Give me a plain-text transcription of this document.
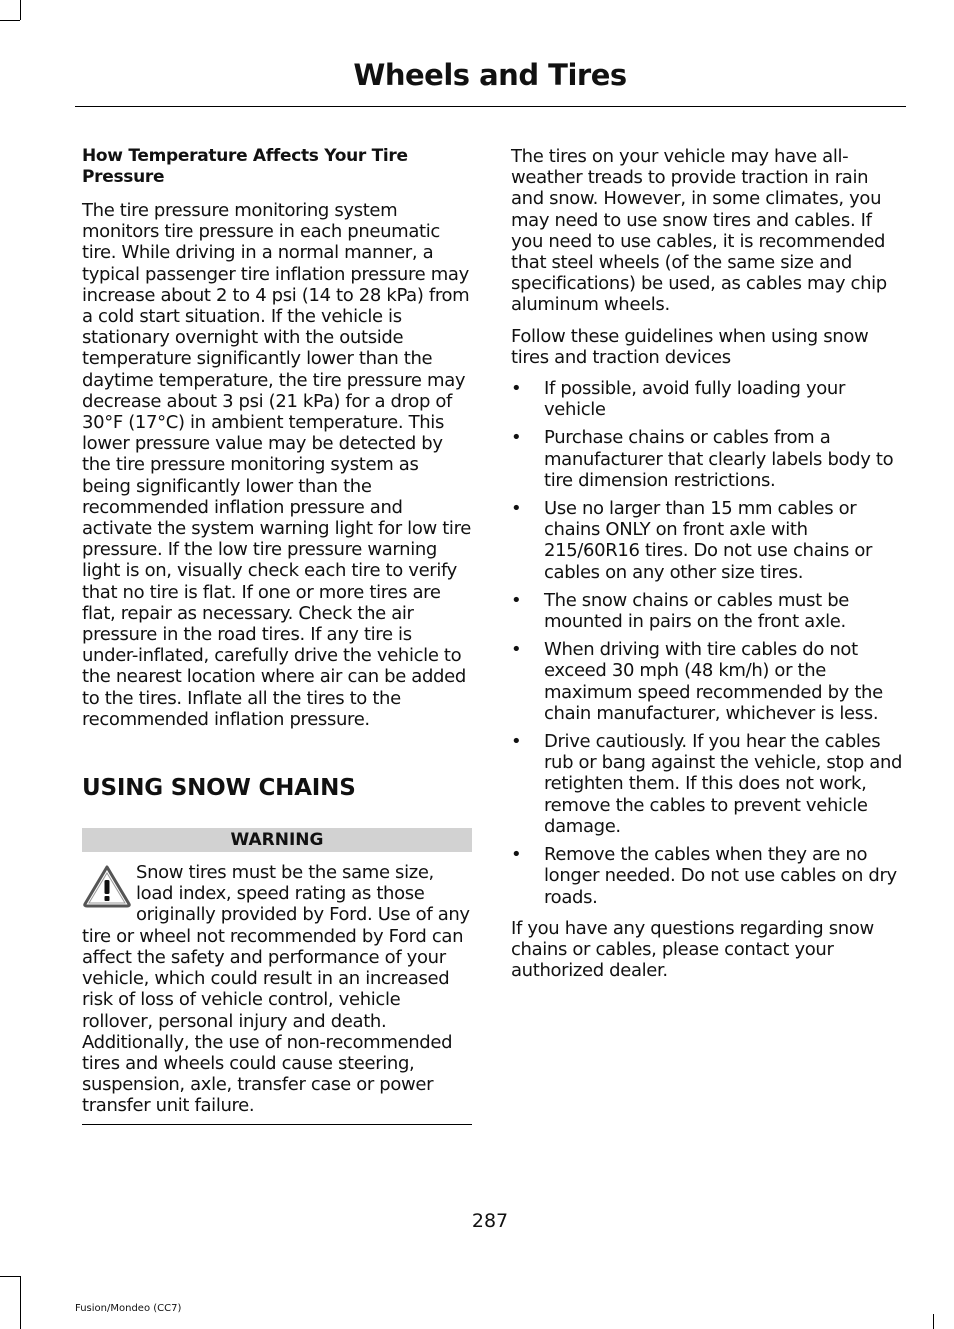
Wheels and Tires
How Temperature Affects Your Tire Pressure

The tire pressure monitoring system monitors tire pressure in each pneumatic tire. While driving in a normal manner, a typical passenger tire inflation pressure may increase about 2 to 4 psi (14 to 28 kPa) from a cold start situation. If the vehicle is stationary overnight with the outside temperature significantly lower than the daytime temperature, the tire pressure may decrease about 3 psi (21 kPa) for a drop of 30°F (17°C) in ambient temperature. This lower pressure value may be detected by the tire pressure monitoring system as being significantly lower than the recommended inflation pressure and activate the system warning light for low tire pressure. If the low tire pressure warning light is on, visually check each tire to verify that no tire is flat. If one or more tires are flat, repair as necessary. Check the air pressure in the road tires. If any tire is under-inflated, carefully drive the vehicle to the nearest location where air can be added to the tires. Inflate all the tires to the recommended inflation pressure.

USING SNOW CHAINS
WARNING
Snow tires must be the same size, load index, speed rating as those originally provided by Ford. Use of any tire or wheel not recommended by Ford can affect the safety and performance of your vehicle, which could result in an increased risk of loss of vehicle control, vehicle rollover, personal injury and death. Additionally, the use of non-recommended tires and wheels could cause steering, suspension, axle, transfer case or power transfer unit failure.

The tires on your vehicle may have all-weather treads to provide traction in rain and snow. However, in some climates, you may need to use snow tires and cables. If you need to use cables, it is recommended that steel wheels (of the same size and specifications) be used, as cables may chip aluminum wheels.

Follow these guidelines when using snow tires and traction devices

• If possible, avoid fully loading your vehicle
• Purchase chains or cables from a manufacturer that clearly labels body to tire dimension restrictions.
• Use no larger than 15 mm cables or chains ONLY on front axle with 215/60R16 tires. Do not use chains or cables on any other size tires.
• The snow chains or cables must be mounted in pairs on the front axle.
• When driving with tire cables do not exceed 30 mph (48 km/h) or the maximum speed recommended by the chain manufacturer, whichever is less.
• Drive cautiously. If you hear the cables rub or bang against the vehicle, stop and retighten them. If this does not work, remove the cables to prevent vehicle damage.
• Remove the cables when they are no longer needed. Do not use cables on dry roads.

If you have any questions regarding snow chains or cables, please contact your authorized dealer.

287
Fusion/Mondeo (CC7)
